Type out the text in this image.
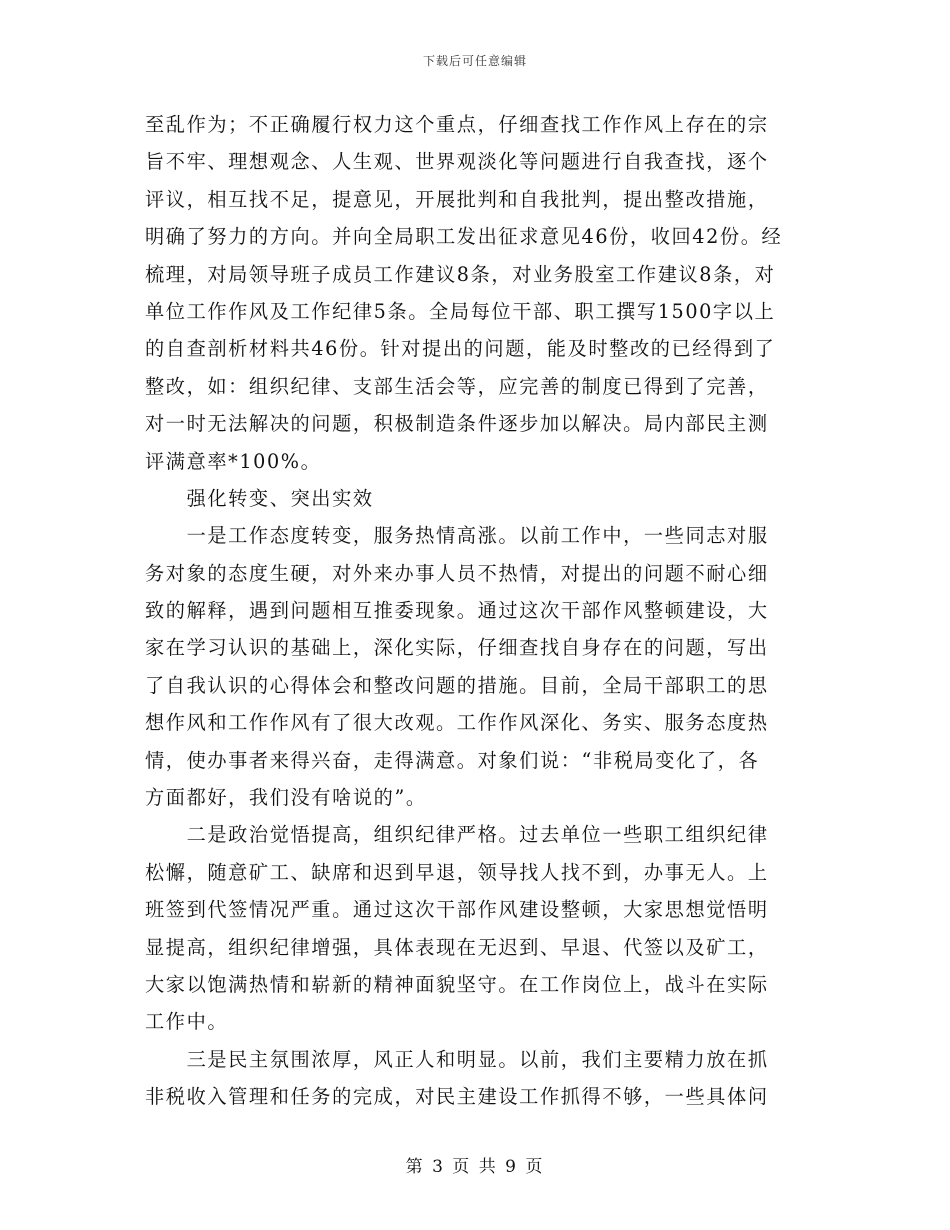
下载后可任意编辑
至乱作为；不正确履行权力这个重点，仔细查找工作作风上存在的宗
旨不牢、理想观念、人生观、世界观淡化等问题进行自我查找，逐个
评议，相互找不足，提意见，开展批判和自我批判，提出整改措施，
明确了努力的方向。并向全局职工发出征求意见46份，收回42份。经
梳理，对局领导班子成员工作建议8条，对业务股室工作建议8条，对
单位工作作风及工作纪律5条。全局每位干部、职工撰写1500字以上
的自查剖析材料共46份。针对提出的问题，能及时整改的已经得到了
整改，如：组织纪律、支部生活会等，应完善的制度已得到了完善，
对一时无法解决的问题，积极制造条件逐步加以解决。局内部民主测
评满意率*100%。
　　强化转变、突出实效
　　一是工作态度转变，服务热情高涨。以前工作中，一些同志对服
务对象的态度生硬，对外来办事人员不热情，对提出的问题不耐心细
致的解释，遇到问题相互推委现象。通过这次干部作风整顿建设，大
家在学习认识的基础上，深化实际，仔细查找自身存在的问题，写出
了自我认识的心得体会和整改问题的措施。目前，全局干部职工的思
想作风和工作作风有了很大改观。工作作风深化、务实、服务态度热
情，使办事者来得兴奋，走得满意。对象们说：“非税局变化了，各
方面都好，我们没有啥说的”。
　　二是政治觉悟提高，组织纪律严格。过去单位一些职工组织纪律
松懈，随意矿工、缺席和迟到早退，领导找人找不到，办事无人。上
班签到代签情况严重。通过这次干部作风建设整顿，大家思想觉悟明
显提高，组织纪律增强，具体表现在无迟到、早退、代签以及矿工，
大家以饱满热情和崭新的精神面貌坚守。在工作岗位上，战斗在实际
工作中。
　　三是民主氛围浓厚，风正人和明显。以前，我们主要精力放在抓
非税收入管理和任务的完成，对民主建设工作抓得不够，一些具体问
第 3 页 共 9 页
